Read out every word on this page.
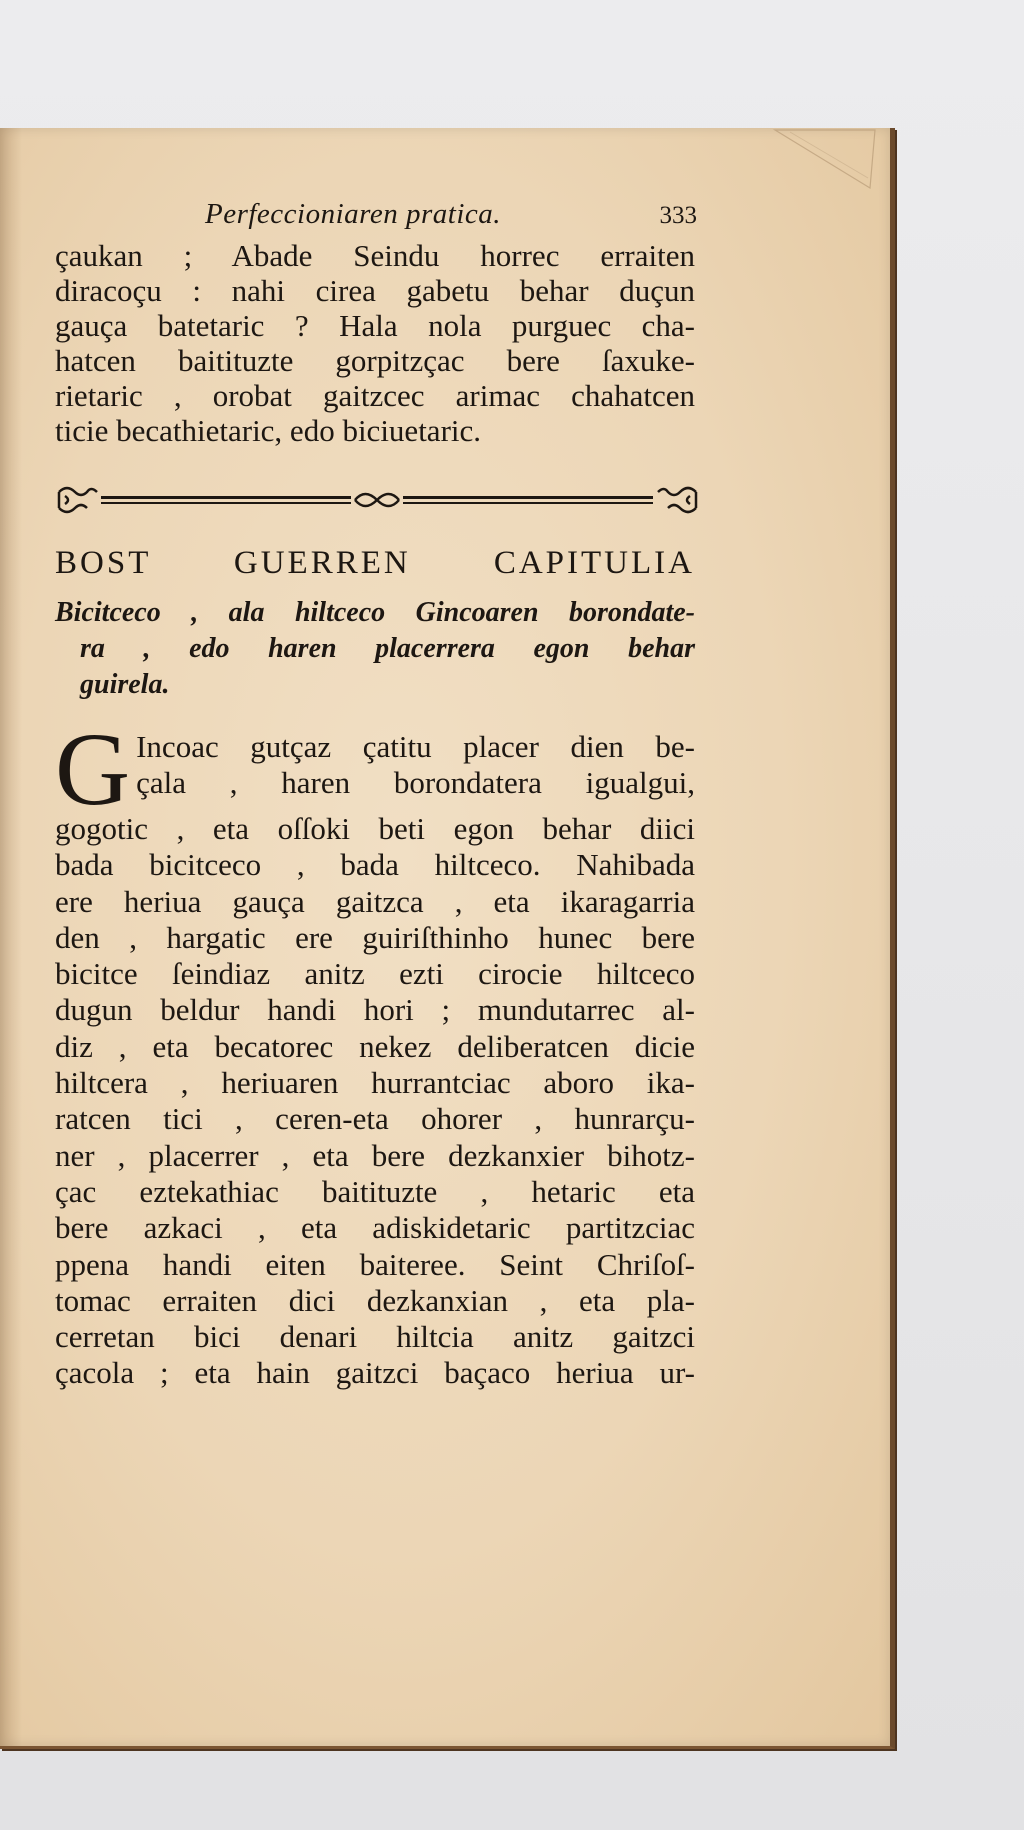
Perfeccionіaren pratica.	333
çaukan ; Abade Seindu horrec erraiten
diracoçu : nahi cirea gabetu behar duçun
gauça batetaric ? Hala nola purguec cha-
hatcen baitituzte gorpitzçac bere ſaxuke-
rietaric , orobat gaitzcec arimac chahatcen
ticie becathietaric, edo biciuetaric.
BOST GUERREN CAPITULIA
Bicitceco , ala hiltceco Gincoaren borondate-
ra , edo haren placerrera egon behar
guirela.
G Incoac gutçaz çatitu placer dien be-
çala , haren borondatera igualgui,
gogotic , eta oſſoki beti egon behar diici
bada bicitceco , bada hiltceco. Nahibada
ere heriua gauça gaitzca , eta ikaragarria
den , hargatic ere guiriſthinho hunec bere
bicitce ſeindiaz anitz ezti cirocie hiltceco
dugun beldur handi hori ; mundutarrec al-
diz , eta becatorec nekez deliberatcen dicie
hiltcera , heriuaren hurrantciac aboro ika-
ratcen tici , ceren-eta ohorer , hunrarçu-
ner , placerrer , eta bere dezkanxier bihotz-
çac eztekathiac baitituzte , hetaric eta
bere azkaci , eta adiskidetaric partitzciac
ppena handi eiten baiteree. Seint Chriſoſ-
tomac erraiten dici dezkanxian , eta pla-
cerretan bici denari hiltcia anitz gaitzci
çacola ; eta hain gaitzci baçaco heriua ur-
